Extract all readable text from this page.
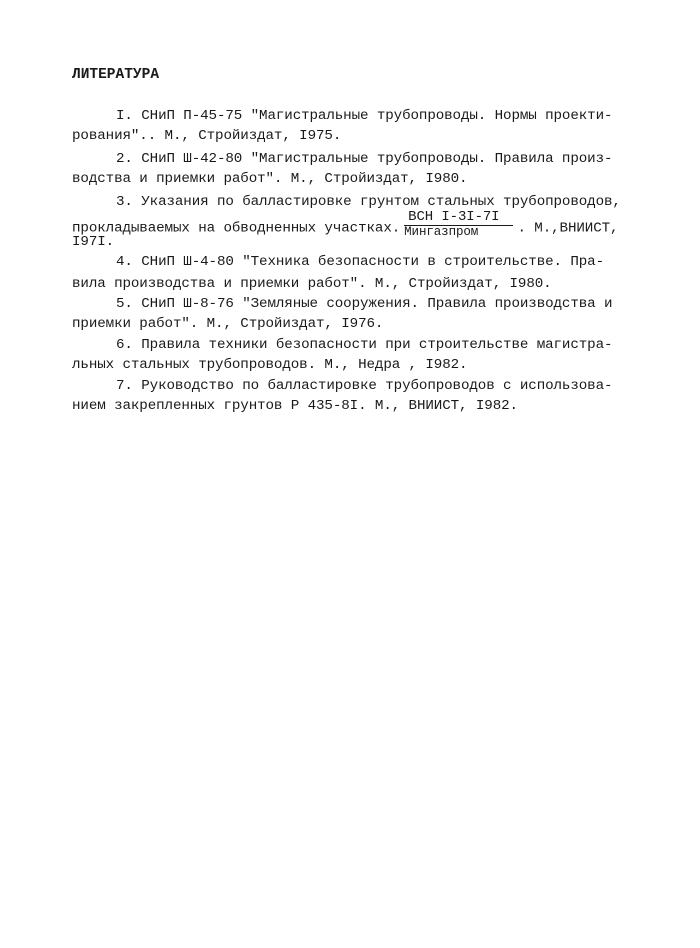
ЛИТЕРАТУРА
I. СНиП П-45-75 "Магистральные трубопроводы. Нормы проекти-
рования".. М., Стройиздат, I975.
2. СНиП Ш-42-80 "Магистральные трубопроводы. Правила произ-
водства и приемки работ". М., Стройиздат, I980.
3. Указания по балластировке грунтом стальных трубопроводов,
прокладываемых на обводненных участках. $\frac{\text{ВСН I-3I-7I}}{\text{Мингазпром}}$ . М.,ВНИИСТ,
I97I.
4. СНиП Ш-4-80 "Техника безопасности в строительстве. Пра-
вила производства и приемки работ". М., Стройиздат, I980.
5. СНиП Ш-8-76 "Земляные сооружения. Правила производства и
приемки работ". М., Стройиздат, I976.
6. Правила техники безопасности при строительстве магистра-
льных стальных трубопроводов. М., Недра , I982.
7. Руководство по балластировке трубопроводов с использова-
нием закрепленных грунтов Р 435-8I. М., ВНИИСТ, I982.
